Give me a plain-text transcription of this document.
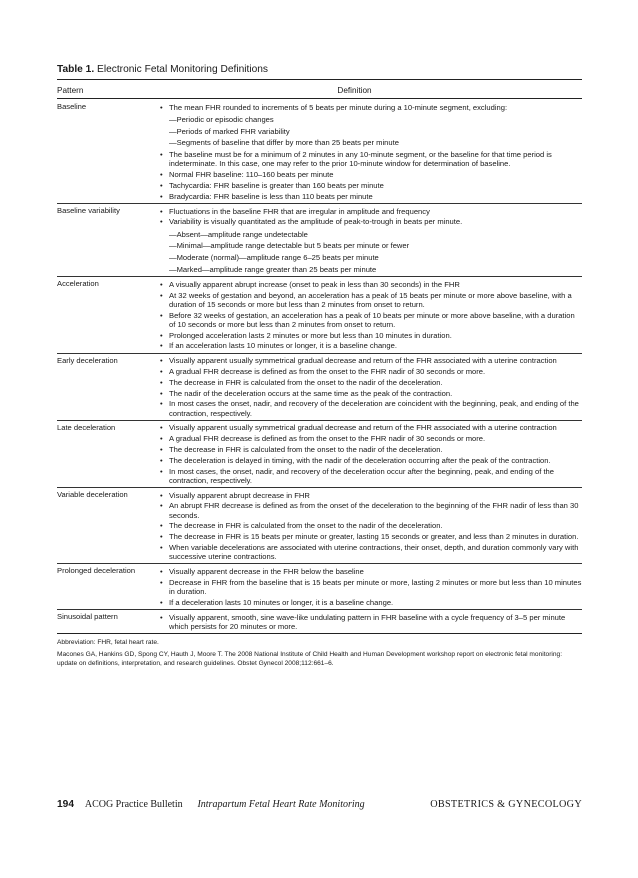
Table 1. Electronic Fetal Monitoring Definitions
Pattern	Definition
Baseline	• The mean FHR rounded to increments of 5 beats per minute during a 10-minute segment, excluding:
—Periodic or episodic changes
—Periods of marked FHR variability
—Segments of baseline that differ by more than 25 beats per minute
• The baseline must be for a minimum of 2 minutes in any 10-minute segment, or the baseline for that time period is indeterminate. In this case, one may refer to the prior 10-minute window for determination of baseline.
• Normal FHR baseline: 110–160 beats per minute
• Tachycardia: FHR baseline is greater than 160 beats per minute
• Bradycardia: FHR baseline is less than 110 beats per minute
Baseline variability	• Fluctuations in the baseline FHR that are irregular in amplitude and frequency
• Variability is visually quantitated as the amplitude of peak-to-trough in beats per minute.
—Absent—amplitude range undetectable
—Minimal—amplitude range detectable but 5 beats per minute or fewer
—Moderate (normal)—amplitude range 6–25 beats per minute
—Marked—amplitude range greater than 25 beats per minute
Acceleration	• A visually apparent abrupt increase (onset to peak in less than 30 seconds) in the FHR
• At 32 weeks of gestation and beyond, an acceleration has a peak of 15 beats per minute or more above baseline, with a duration of 15 seconds or more but less than 2 minutes from onset to return.
• Before 32 weeks of gestation, an acceleration has a peak of 10 beats per minute or more above baseline, with a duration of 10 seconds or more but less than 2 minutes from onset to return.
• Prolonged acceleration lasts 2 minutes or more but less than 10 minutes in duration.
• If an acceleration lasts 10 minutes or longer, it is a baseline change.
Early deceleration	• Visually apparent usually symmetrical gradual decrease and return of the FHR associated with a uterine contraction
• A gradual FHR decrease is defined as from the onset to the FHR nadir of 30 seconds or more.
• The decrease in FHR is calculated from the onset to the nadir of the deceleration.
• The nadir of the deceleration occurs at the same time as the peak of the contraction.
• In most cases the onset, nadir, and recovery of the deceleration are coincident with the beginning, peak, and ending of the contraction, respectively.
Late deceleration	• Visually apparent usually symmetrical gradual decrease and return of the FHR associated with a uterine contraction
• A gradual FHR decrease is defined as from the onset to the FHR nadir of 30 seconds or more.
• The decrease in FHR is calculated from the onset to the nadir of the deceleration.
• The deceleration is delayed in timing, with the nadir of the deceleration occurring after the peak of the contraction.
• In most cases, the onset, nadir, and recovery of the deceleration occur after the beginning, peak, and ending of the contraction, respectively.
Variable deceleration	• Visually apparent abrupt decrease in FHR
• An abrupt FHR decrease is defined as from the onset of the deceleration to the beginning of the FHR nadir of less than 30 seconds.
• The decrease in FHR is calculated from the onset to the nadir of the deceleration.
• The decrease in FHR is 15 beats per minute or greater, lasting 15 seconds or greater, and less than 2 minutes in duration.
• When variable decelerations are associated with uterine contractions, their onset, depth, and duration commonly vary with successive uterine contractions.
Prolonged deceleration	• Visually apparent decrease in the FHR below the baseline
• Decrease in FHR from the baseline that is 15 beats per minute or more, lasting 2 minutes or more but less than 10 minutes in duration.
• If a deceleration lasts 10 minutes or longer, it is a baseline change.
Sinusoidal pattern	• Visually apparent, smooth, sine wave-like undulating pattern in FHR baseline with a cycle frequency of 3–5 per minute which persists for 20 minutes or more.
Abbreviation: FHR, fetal heart rate.
Macones GA, Hankins GD, Spong CY, Hauth J, Moore T. The 2008 National Institute of Child Health and Human Development workshop report on electronic fetal monitoring: update on definitions, interpretation, and research guidelines. Obstet Gynecol 2008;112:661–6.
194 ACOG Practice Bulletin Intrapartum Fetal Heart Rate Monitoring	OBSTETRICS & GYNECOLOGY
